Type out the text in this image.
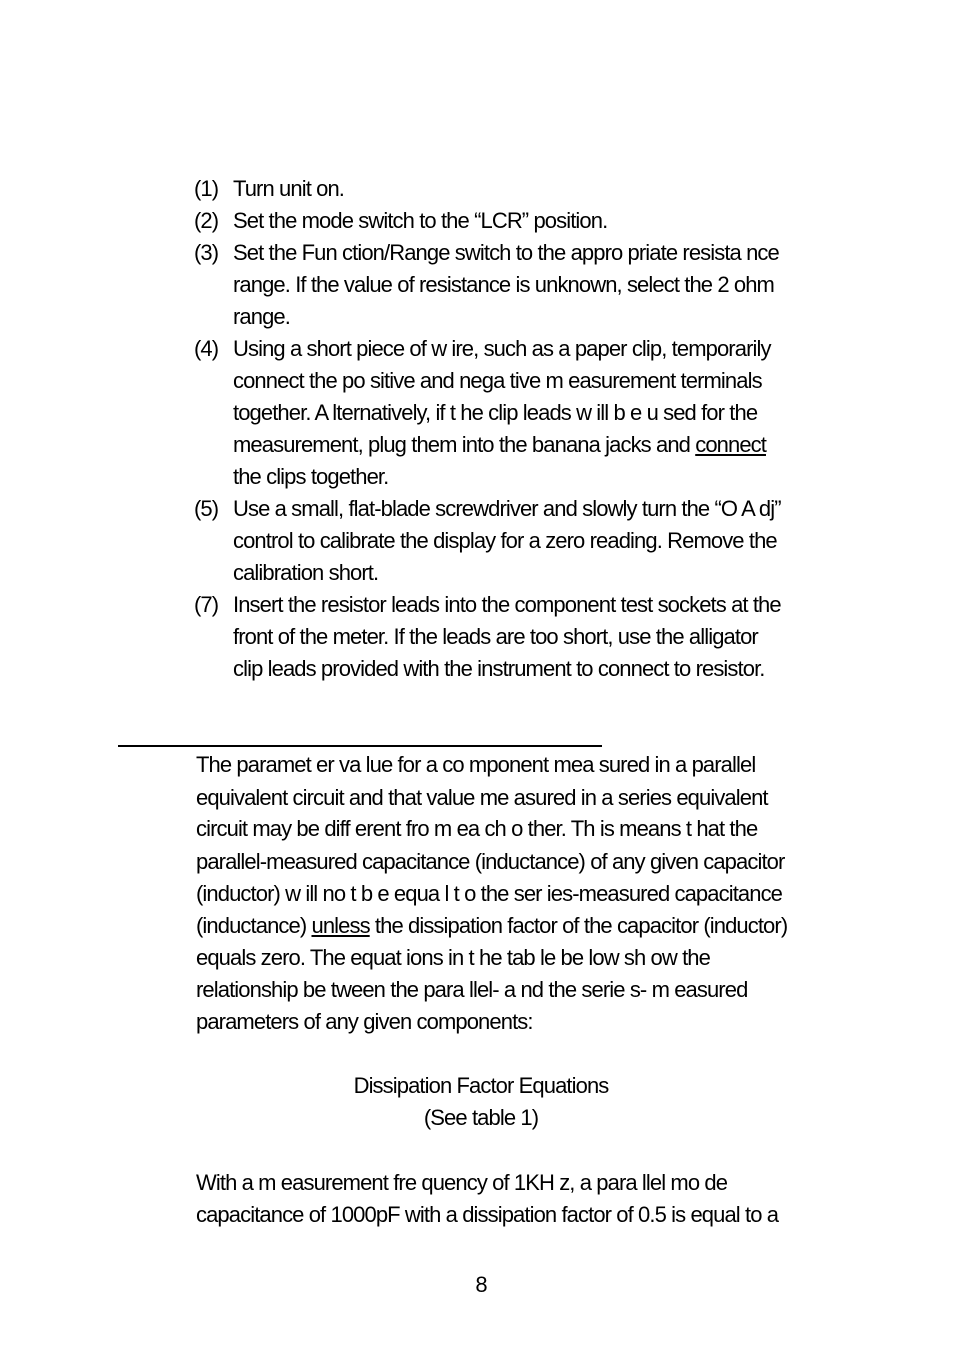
(1) Turn unit on.
(2) Set the mode switch to the “LCR” position.
(3) Set the Fun ction/Range switch to the appro priate resista nce
range. If the value of resistance is unknown, select the 2 ohm
range.
(4) Using a short piece of w ire, such as a paper clip, temporarily
connect the po sitive and nega tive m easurement terminals
together. A lternatively, if t he clip leads w ill b e u sed for the
measurement, plug them into the banana jacks and connect
the clips together.
(5) Use a small, flat-blade screwdriver and slowly turn the “O A dj”
control to calibrate the display for a zero reading. Remove the
calibration short.
(7) Insert the resistor leads into the component test sockets at the
front of the meter. If the leads are too short, use the alligator
clip leads provided with the instrument to connect to resistor.
The paramet er va lue for a co mponent mea sured in a parallel
equivalent circuit and that value me asured in a series equivalent
circuit may be diff erent fro m ea ch o ther. Th is means t hat the
parallel-measured capacitance (inductance) of any given capacitor
(inductor) w ill no t b e equa l t o the ser ies-measured capacitance
(inductance) unless the dissipation factor of the capacitor (inductor)
equals zero. The equat ions in t he tab le be low sh ow the
relationship be tween the para llel- a nd the serie s- m easured
parameters of any given components:
Dissipation Factor Equations
(See table 1)
With a m easurement fre quency of 1KH z, a para llel mo de
capacitance of 1000pF with a dissipation factor of 0.5 is equal to a
8
